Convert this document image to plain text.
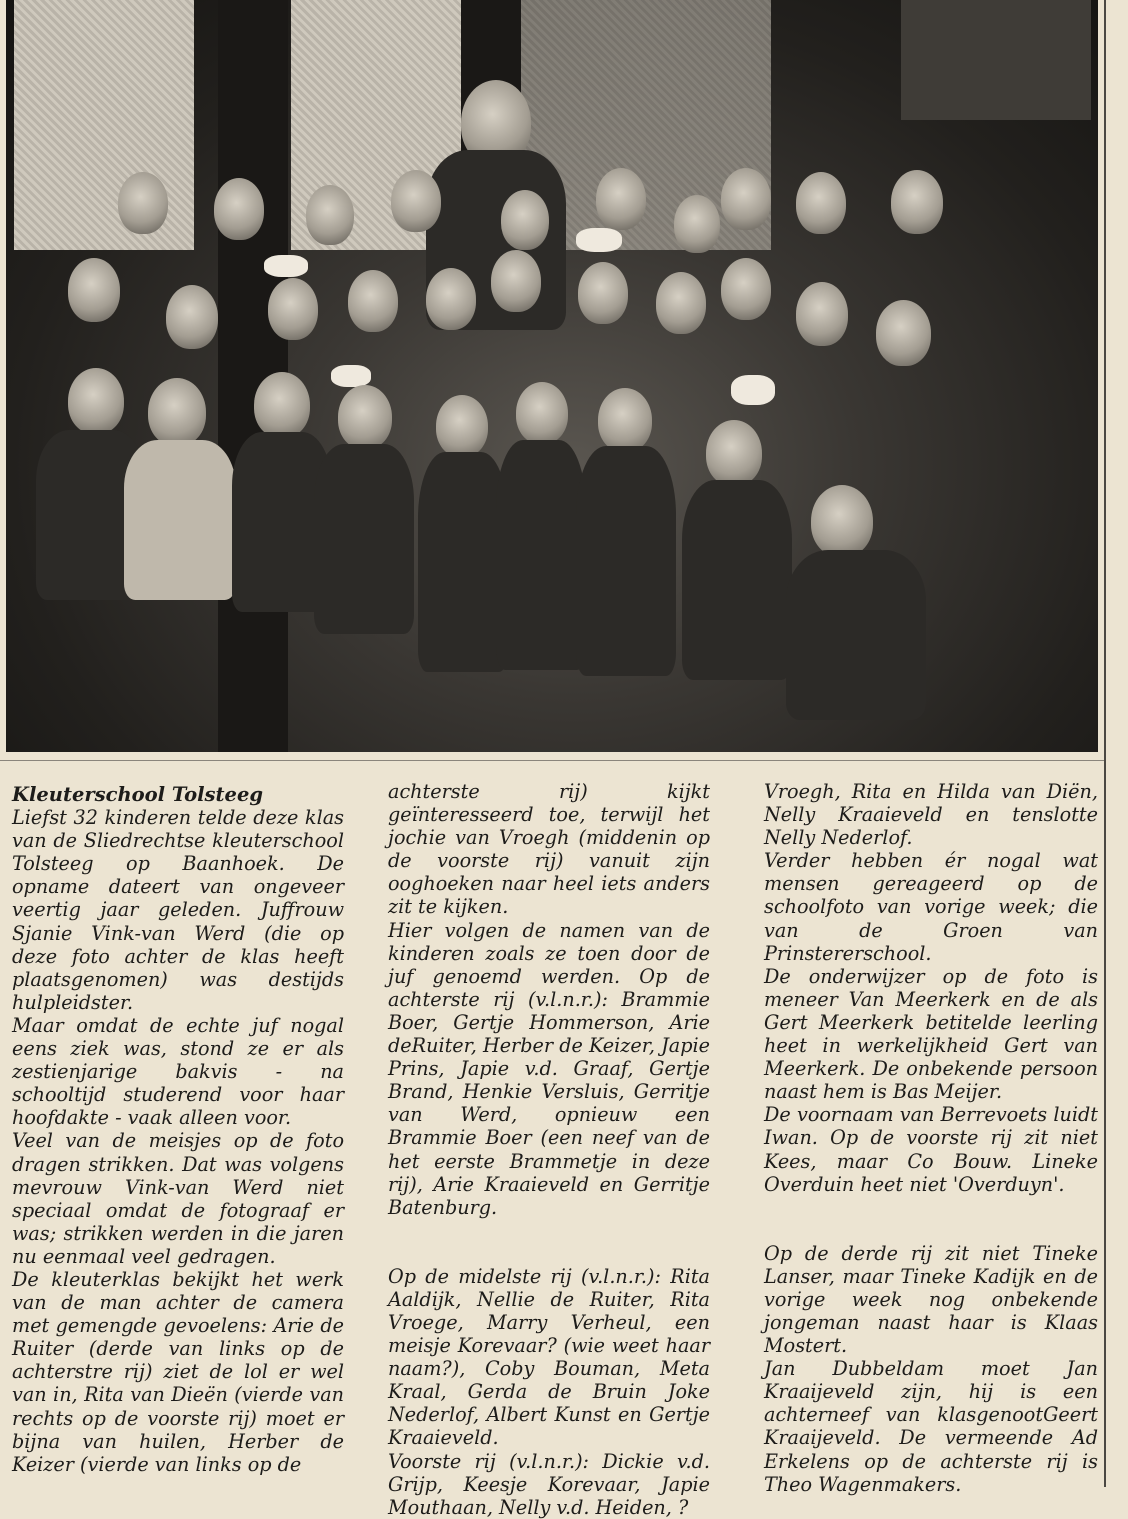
Kleuterschool Tolsteeg

Liefst 32 kinderen telde deze klas van de Sliedrechtse kleuterschool Tolsteeg op Baanhoek. De opname dateert van ongeveer veertig jaar geleden. Juffrouw Sjanie Vink-van Werd (die op deze foto achter de klas heeft plaatsgenomen) was destijds hulpleidster.

Maar omdat de echte juf nogal eens ziek was, stond ze er als zestienjarige bakvis - na schooltijd studerend voor haar hoofdakte - vaak alleen voor.

Veel van de meisjes op de foto dragen strikken. Dat was volgens mevrouw Vink-van Werd niet speciaal omdat de fotograaf er was; strikken werden in die jaren nu eenmaal veel gedragen.

De kleuterklas bekijkt het werk van de man achter de camera met gemengde gevoelens: Arie de Ruiter (derde van links op de achterstre rij) ziet de lol er wel van in, Rita van Dieën (vierde van rechts op de voorste rij) moet er bijna van huilen, Herber de Keizer (vierde van links op de

achterste rij) kijkt geïnteresseerd toe, terwijl het jochie van Vroegh (middenin op de voorste rij) vanuit zijn ooghoeken naar heel iets anders zit te kijken.

Hier volgen de namen van de kinderen zoals ze toen door de juf genoemd werden. Op de achterste rij (v.l.n.r.): Brammie Boer, Gertje Hommerson, Arie deRuiter, Herber de Keizer, Japie Prins, Japie v.d. Graaf, Gertje Brand, Henkie Versluis, Gerritje van Werd, opnieuw een Brammie Boer (een neef van de het eerste Brammetje in deze rij), Arie Kraaieveld en Gerritje Batenburg.

Op de midelste rij (v.l.n.r.): Rita Aaldijk, Nellie de Ruiter, Rita Vroege, Marry Verheul, een meisje Korevaar? (wie weet haar naam?), Coby Bouman, Meta Kraal, Gerda de Bruin Joke Nederlof, Albert Kunst en Gertje Kraaieveld.

Voorste rij (v.l.n.r.): Dickie v.d. Grijp, Keesje Korevaar, Japie Mouthaan, Nelly v.d. Heiden, ?

Vroegh, Rita en Hilda van Diën, Nelly Kraaieveld en tenslotte Nelly Nederlof.

Verder hebben ér nogal wat mensen gereageerd op de schoolfoto van vorige week; die van de Groen van Prinstererschool.

De onderwijzer op de foto is meneer Van Meerkerk en de als Gert Meerkerk betitelde leerling heet in werkelijkheid Gert van Meerkerk. De onbekende persoon naast hem is Bas Meijer.

De voornaam van Berrevoets luidt Iwan. Op de voorste rij zit niet Kees, maar Co Bouw. Lineke Overduin heet niet 'Overduyn'.

Op de derde rij zit niet Tineke Lanser, maar Tineke Kadijk en de vorige week nog onbekende jongeman naast haar is Klaas Mostert.

Jan Dubbeldam moet Jan Kraaijeveld zijn, hij is een achterneef van klasgenootGeert Kraaijeveld. De vermeende Ad Erkelens op de achterste rij is Theo Wagenmakers.
